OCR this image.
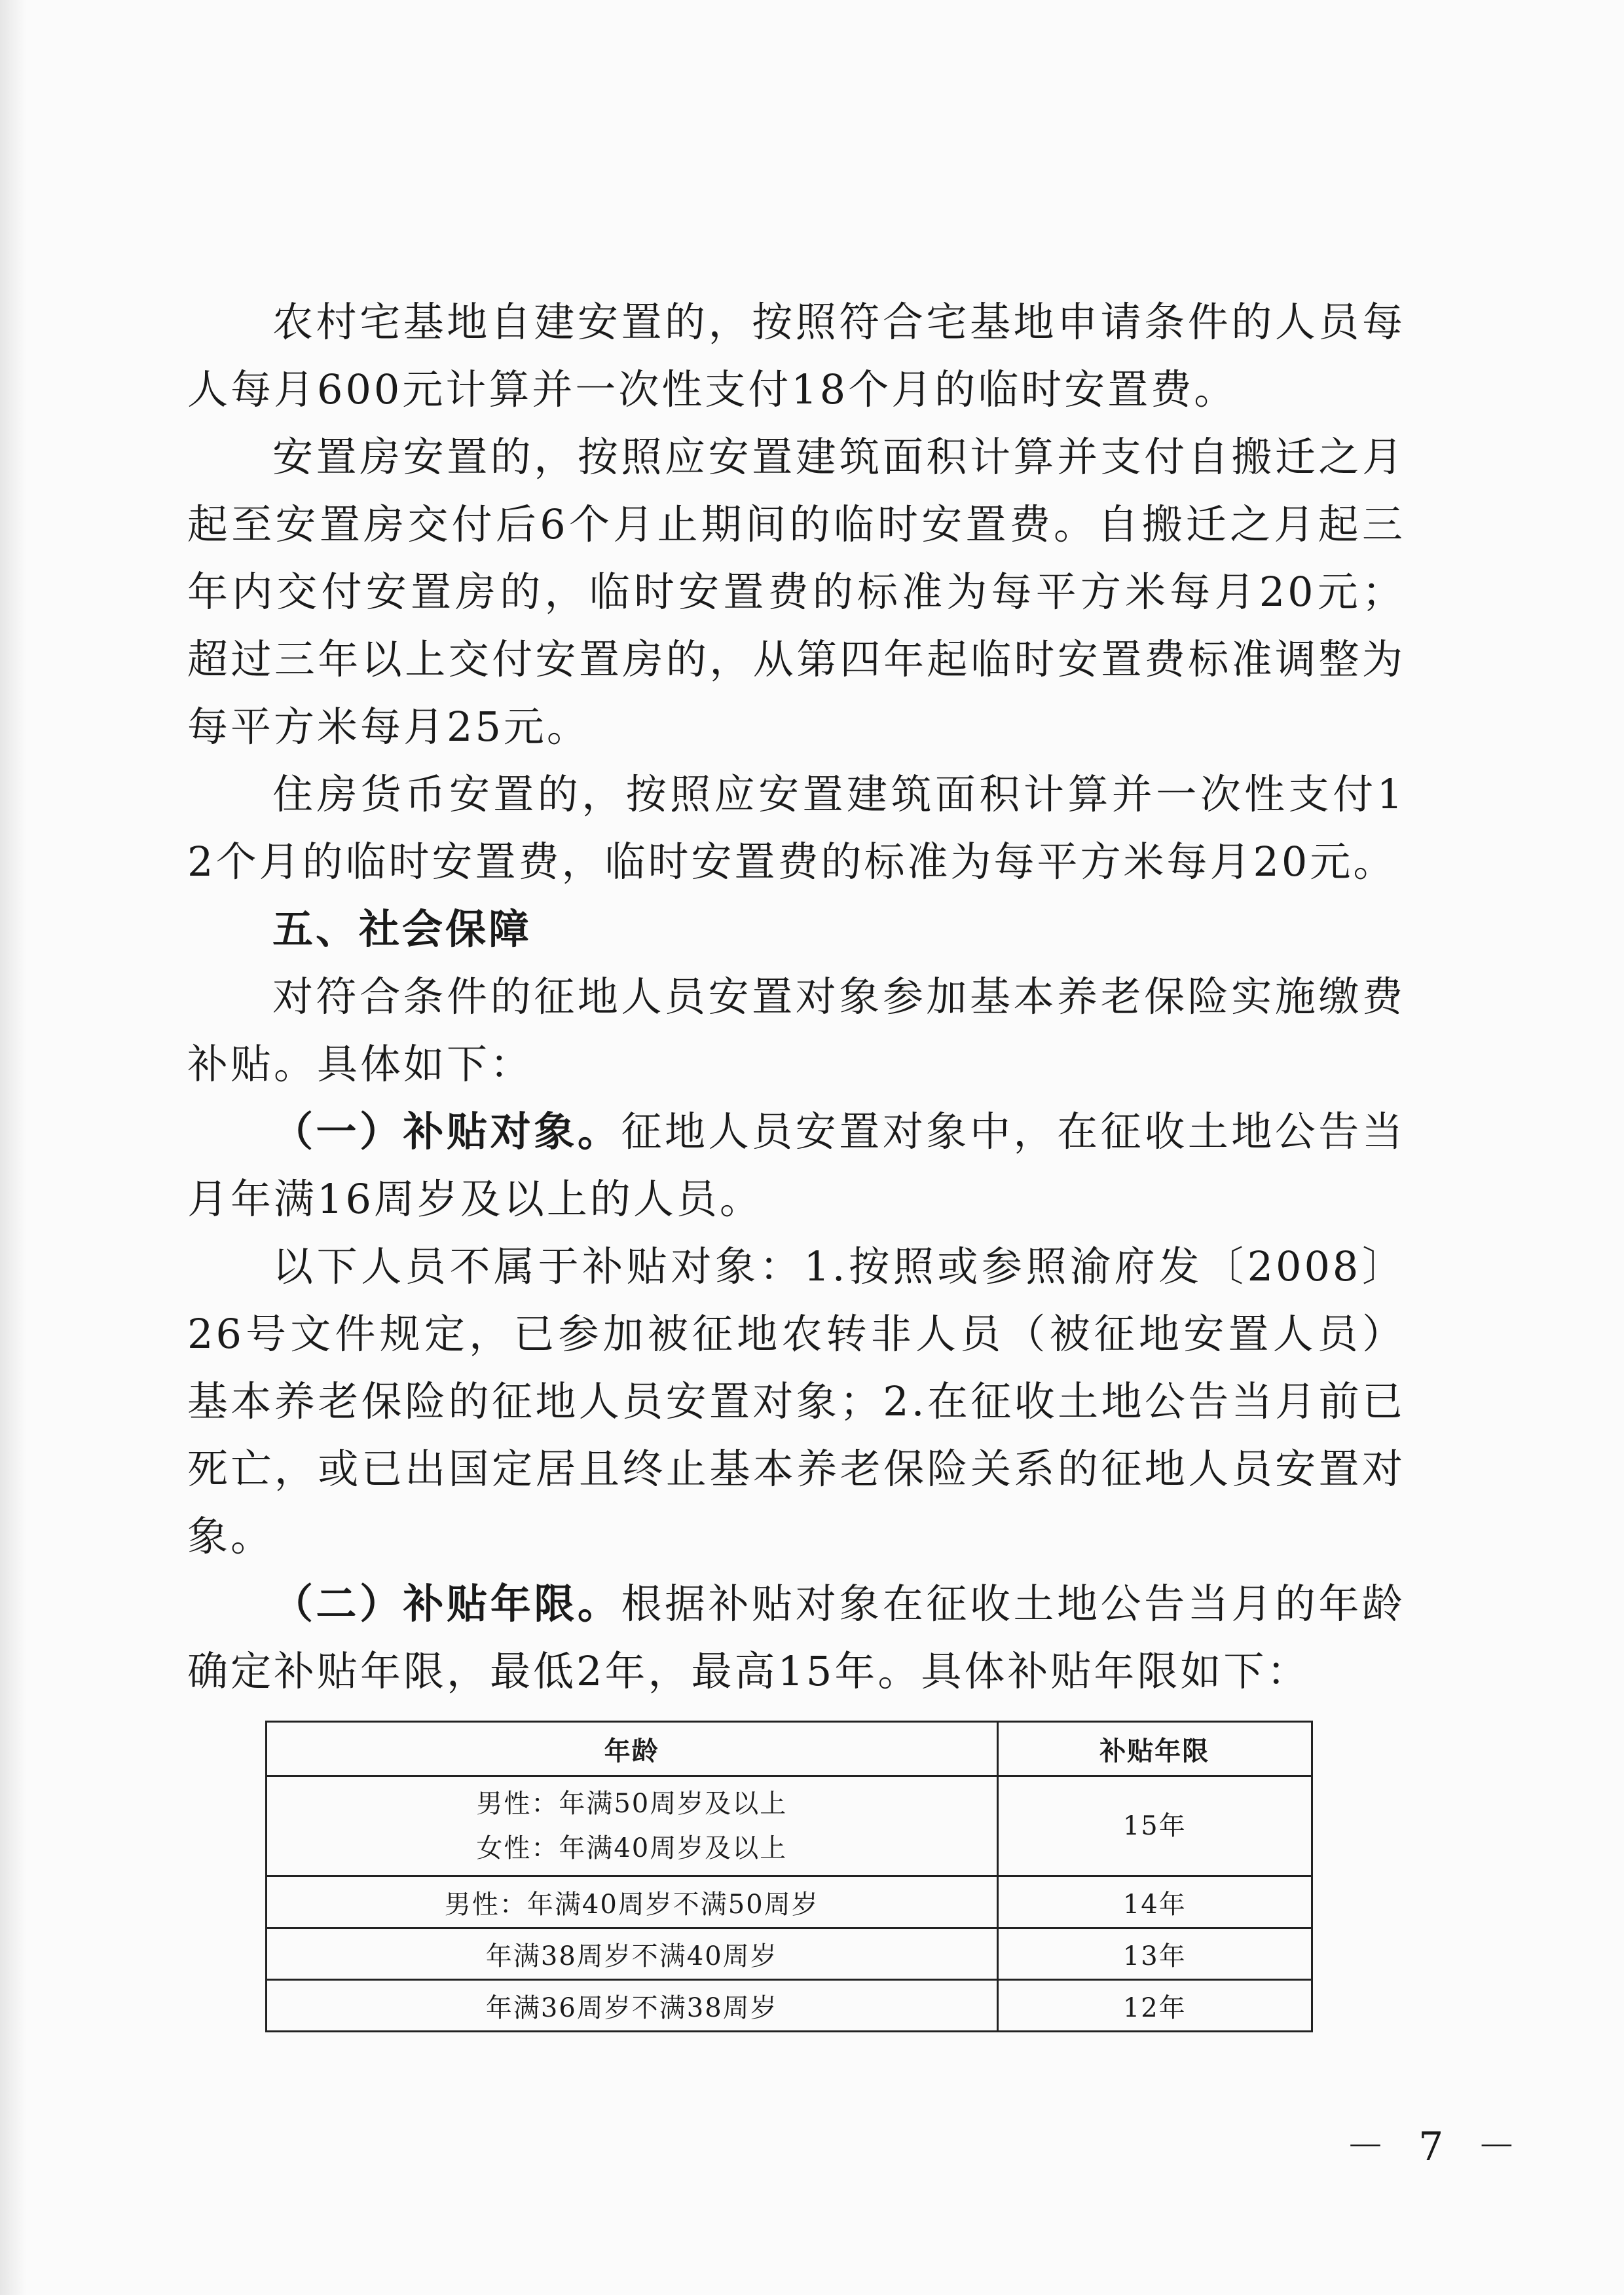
农村宅基地自建安置的，按照符合宅基地申请条件的人员每人每月600元计算并一次性支付18个月的临时安置费。

安置房安置的，按照应安置建筑面积计算并支付自搬迁之月起至安置房交付后6个月止期间的临时安置费。自搬迁之月起三年内交付安置房的，临时安置费的标准为每平方米每月20元；超过三年以上交付安置房的，从第四年起临时安置费标准调整为每平方米每月25元。

住房货币安置的，按照应安置建筑面积计算并一次性支付12个月的临时安置费，临时安置费的标准为每平方米每月20元。

五、社会保障

对符合条件的征地人员安置对象参加基本养老保险实施缴费补贴。具体如下：

（一）补贴对象。征地人员安置对象中，在征收土地公告当月年满16周岁及以上的人员。

以下人员不属于补贴对象：1.按照或参照渝府发〔2008〕26号文件规定，已参加被征地农转非人员（被征地安置人员）基本养老保险的征地人员安置对象；2.在征收土地公告当月前已死亡，或已出国定居且终止基本养老保险关系的征地人员安置对象。

（二）补贴年限。根据补贴对象在征收土地公告当月的年龄确定补贴年限，最低2年，最高15年。具体补贴年限如下：

年龄	补贴年限

男性：年满50周岁及以上
女性：年满40周岁及以上	15年
男性：年满40周岁不满50周岁	14年
年满38周岁不满40周岁	13年
年满36周岁不满38周岁	12年
－ 7 －
